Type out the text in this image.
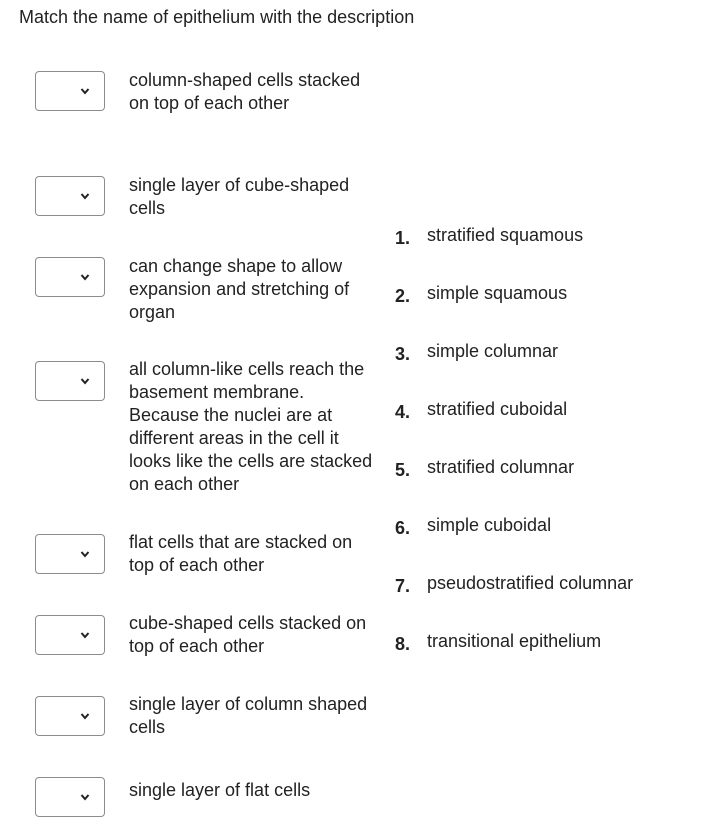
Match the name of epithelium with the description
column-shaped cells stacked on top of each other
single layer of cube-shaped cells
can change shape to allow expansion and stretching of organ
all column-like cells reach the basement membrane. Because the nuclei are at different areas in the cell it looks like the cells are stacked on each other
flat cells that are stacked on top of each other
cube-shaped cells stacked on top of each other
single layer of column shaped cells
single layer of flat cells
1. stratified squamous
2. simple squamous
3. simple columnar
4. stratified cuboidal
5. stratified columnar
6. simple cuboidal
7. pseudostratified columnar
8. transitional epithelium
